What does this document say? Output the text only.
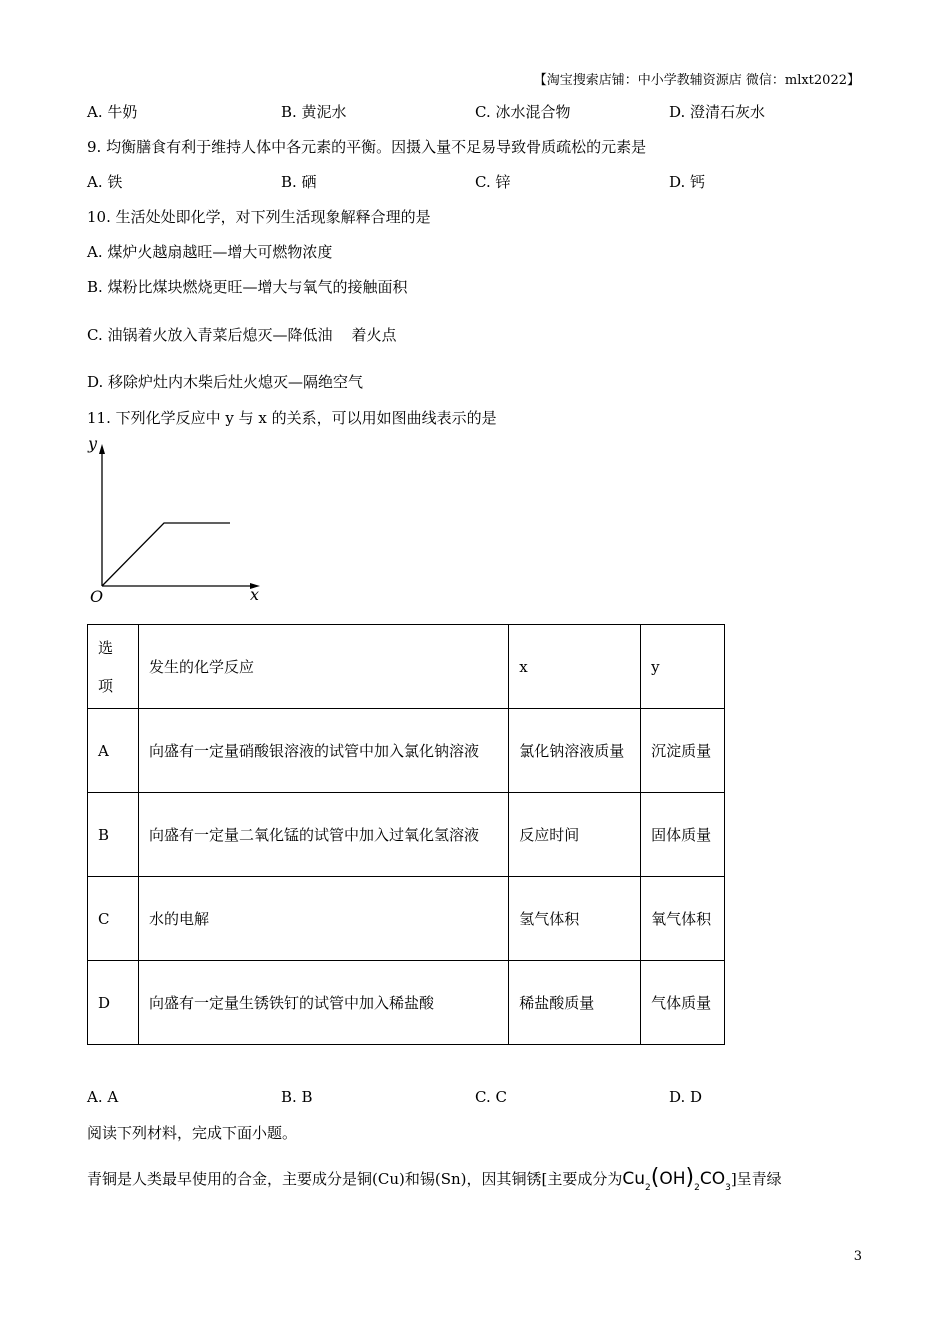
【淘宝搜索店铺：中小学教辅资源店 微信：mlxt2022】
A. 牛奶	B. 黄泥水	C. 冰水混合物	D. 澄清石灰水
9. 均衡膳食有利于维持人体中各元素的平衡。因摄入量不足易导致骨质疏松的元素是
A. 铁	B. 硒	C. 锌	D. 钙
10. 生活处处即化学，对下列生活现象解释合理的是
A. 煤炉火越扇越旺—增大可燃物浓度
B. 煤粉比煤块燃烧更旺—增大与氧气的接触面积
C. 油锅着火放入青菜后熄灭—降低油    着火点
D. 移除炉灶内木柴后灶火熄灭—隔绝空气
11. 下列化学反应中 y 与 x 的关系，可以用如图曲线表示的是
y
x
O
选项	发生的化学反应	x	y
A	向盛有一定量硝酸银溶液的试管中加入氯化钠溶液	氯化钠溶液质量	沉淀质量
B	向盛有一定量二氧化锰的试管中加入过氧化氢溶液	反应时间	固体质量
C	水的电解	氢气体积	氧气体积
D	向盛有一定量生锈铁钉的试管中加入稀盐酸	稀盐酸质量	气体质量
A. A	B. B	C. C	D. D
阅读下列材料，完成下面小题。
青铜是人类最早使用的合金，主要成分是铜(Cu)和锡(Sn)，因其铜锈[主要成分为$Cu_2(OH)_2CO_3$]呈青绿
3
